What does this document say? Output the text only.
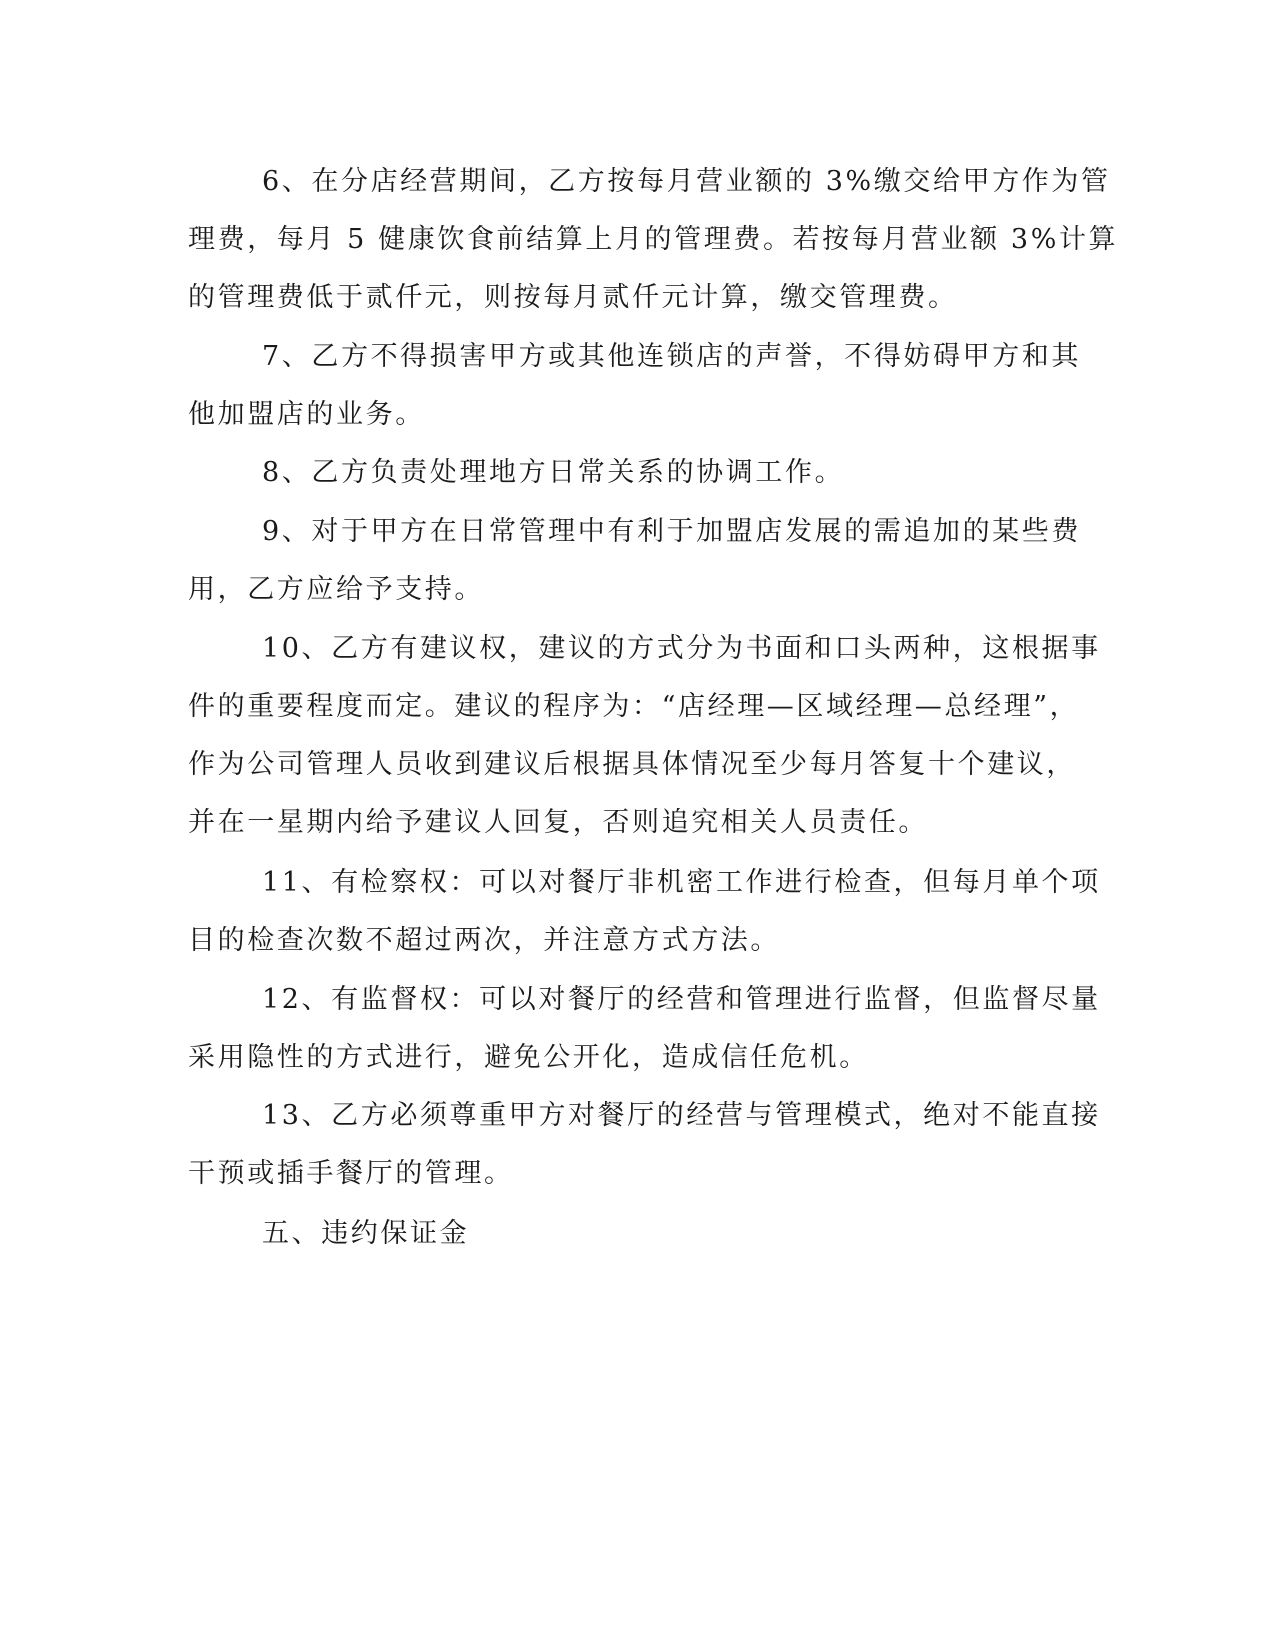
6、在分店经营期间，乙方按每月营业额的 3%缴交给甲方作为管
理费，每月 5 健康饮食前结算上月的管理费。若按每月营业额 3%计算
的管理费低于贰仟元，则按每月贰仟元计算，缴交管理费。
7、乙方不得损害甲方或其他连锁店的声誉，不得妨碍甲方和其
他加盟店的业务。
8、乙方负责处理地方日常关系的协调工作。
9、对于甲方在日常管理中有利于加盟店发展的需追加的某些费
用，乙方应给予支持。
10、乙方有建议权，建议的方式分为书面和口头两种，这根据事
件的重要程度而定。建议的程序为：“店经理—区域经理—总经理”，
作为公司管理人员收到建议后根据具体情况至少每月答复十个建议，
并在一星期内给予建议人回复，否则追究相关人员责任。
11、有检察权：可以对餐厅非机密工作进行检查，但每月单个项
目的检查次数不超过两次，并注意方式方法。
12、有监督权：可以对餐厅的经营和管理进行监督，但监督尽量
采用隐性的方式进行，避免公开化，造成信任危机。
13、乙方必须尊重甲方对餐厅的经营与管理模式，绝对不能直接
干预或插手餐厅的管理。
五、违约保证金
